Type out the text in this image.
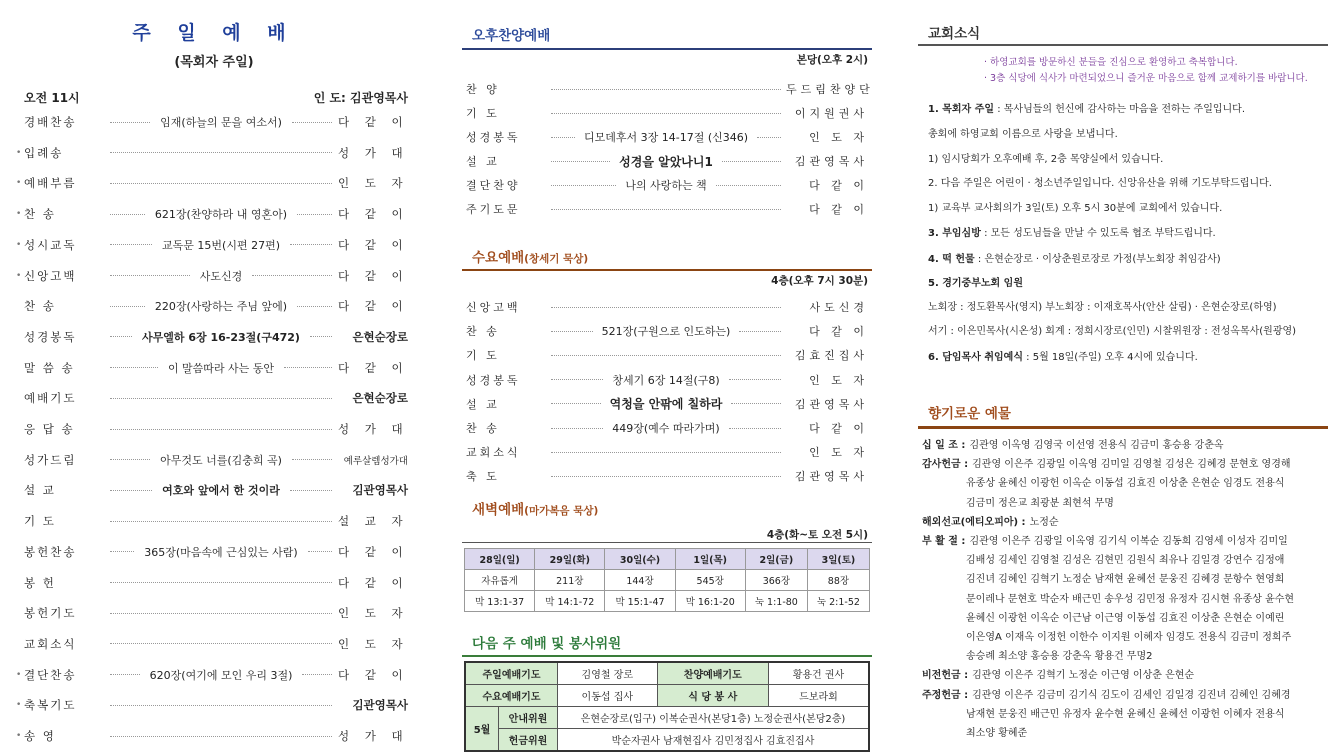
주 일 예 배
(목회자 주일)
오전 11시	인 도: 김관영목사
경배찬송	임재(하늘의 문을 여소서)	다 같 이
• 입례송	성 가 대
• 예배부름	인 도 자
• 찬 송	621장(찬양하라 내 영혼아)	다 같 이
• 성시교독	교독문 15번(시편 27편)	다 같 이
• 신앙고백	사도신경	다 같 이
찬 송	220장(사랑하는 주님 앞에)	다 같 이
성경봉독	사무엘하 6장 16-23절(구472)	은현순장로
말 씀 송	이 말씀따라 사는 동안	다 같 이
예배기도	은현순장로
응 답 송	성 가 대
성가드림	아무것도 너를(김충희 곡)	예루살렘성가대
설 교	여호와 앞에서 한 것이라	김관영목사
기 도	설 교 자
봉헌찬송	365장(마음속에 근심있는 사람)	다 같 이
봉 헌	다 같 이
봉헌기도	인 도 자
교회소식	인 도 자
• 결단찬송	620장(여기에 모인 우리 3절)	다 같 이
• 축복기도	김관영목사
• 송 영	성 가 대
오후찬양예배
본당(오후 2시)
찬 양	두드림찬양단
기 도	이지원권사
성경봉독	디모데후서 3장 14-17절 (신346)	인 도 자
설 교	성경을 알았나니1	김관영목사
결단찬양	나의 사랑하는 책	다 같 이
주기도문	다 같 이
수요예배(창세기 묵상)
4층(오후 7시 30분)
신앙고백	사도신경
찬 송	521장(구원으로 인도하는)	다 같 이
기 도	김효진집사
성경봉독	창세기 6장 14절(구8)	인 도 자
설 교	역청을 안팎에 칠하라	김관영목사
찬 송	449장(예수 따라가며)	다 같 이
교회소식	인 도 자
축 도	김관영목사
새벽예배(마가복음 묵상)
4층(화~토 오전 5시)
28일(일)	29일(화)	30일(수)	1일(목)	2일(금)	3일(토)
자유롭게	211장	144장	545장	366장	88장
막 13:1-37	막 14:1-72	막 15:1-47	막 16:1-20	눅 1:1-80	눅 2:1-52
다음 주 예배 및 봉사위원
주일예배기도		김영철 장로	찬양예배기도	황용건 권사
수요예배기도		이동섭 집사	식 당 봉 사	드보라회
5월	안내위원	은현순장로(입구) 이복순권사(본당1층) 노정순권사(본당2층)		
	헌금위원	박순자권사 남재현집사 김민정집사 김효진집사		
교회소식
· 하영교회를 방문하신 분들을 진심으로 환영하고 축복합니다.
· 3층 식당에 식사가 마련되었으니 즐거운 마음으로 함께 교제하기를 바랍니다.
1. 목회자 주일 : 목사님들의 헌신에 감사하는 마음을 전하는 주일입니다.
총회에 하영교회 이름으로 사랑을 보냅니다.
1) 임시당회가 오후예배 후, 2층 목양실에서 있습니다.
2. 다음 주일은 어린이 · 청소년주일입니다. 신앙유산을 위해 기도부탁드립니다.
1) 교육부 교사회의가 3일(토) 오후 5시 30분에 교회에서 있습니다.
3. 부임심방 : 모든 성도님들을 만날 수 있도록 협조 부탁드립니다.
4. 떡 헌물 : 은현순장로 · 이상춘원로장로 가정(부노회장 취임감사)
5. 경기중부노회 임원
노회장 : 정도환목사(영지) 부노회장 : 이재호목사(안산 살림) · 은현순장로(하영)
서기 : 이은민목사(시온성) 회계 : 정희시장로(인민) 시찰위원장 : 전성옥목사(원광영)
6. 담임목사 취임예식 : 5월 18일(주일) 오후 4시에 있습니다.
향기로운 예물
십 일 조 : 김관영 이옥영 김영국 이선영 전용식 김금미 홍승용 강춘옥
감사헌금 : 김관영 이은주 김광일 이옥영 김미일 김영철 김성은 김혜경 문현호 영경해
유종상 윤혜신 이광헌 이옥순 이동섭 김효진 이상춘 은현순 임경도 전용식
김금미 정은교 최광분 최현석 무명
해외선교(에티오피아) : 노정순
부 활 절 : 김관영 이은주 김광일 이옥영 김기식 이복순 김동희 김영세 이성자 김미일
김배성 김세인 김영철 김성은 김현민 김원식 최유나 김일경 강연수 김정애
김진녀 김혜인 김혁기 노정순 남재현 윤혜선 문웅진 김혜경 문항수 현영희
문이레나 문현호 박순자 배근민 송우성 김민정 유정자 김시현 유종상 윤수현
윤혜신 이광헌 이옥순 이근남 이근영 이동섭 김효진 이상춘 은현순 이예린
이은영A 이재옥 이정헌 이한수 이지원 이혜자 임경도 전용식 김금미 정희주
송승례 최소양 홍승용 강춘옥 황용건 무명2
비전헌금 : 김관영 이은주 김혁기 노정순 이근영 이상춘 은현순
주정헌금 : 김관영 이은주 김금미 김기식 김도이 김세인 김일경 김진녀 김혜인 김혜경
남재현 문웅진 배근민 유정자 윤수현 윤혜신 윤혜선 이광헌 이혜자 전용식
최소양 황혜준
